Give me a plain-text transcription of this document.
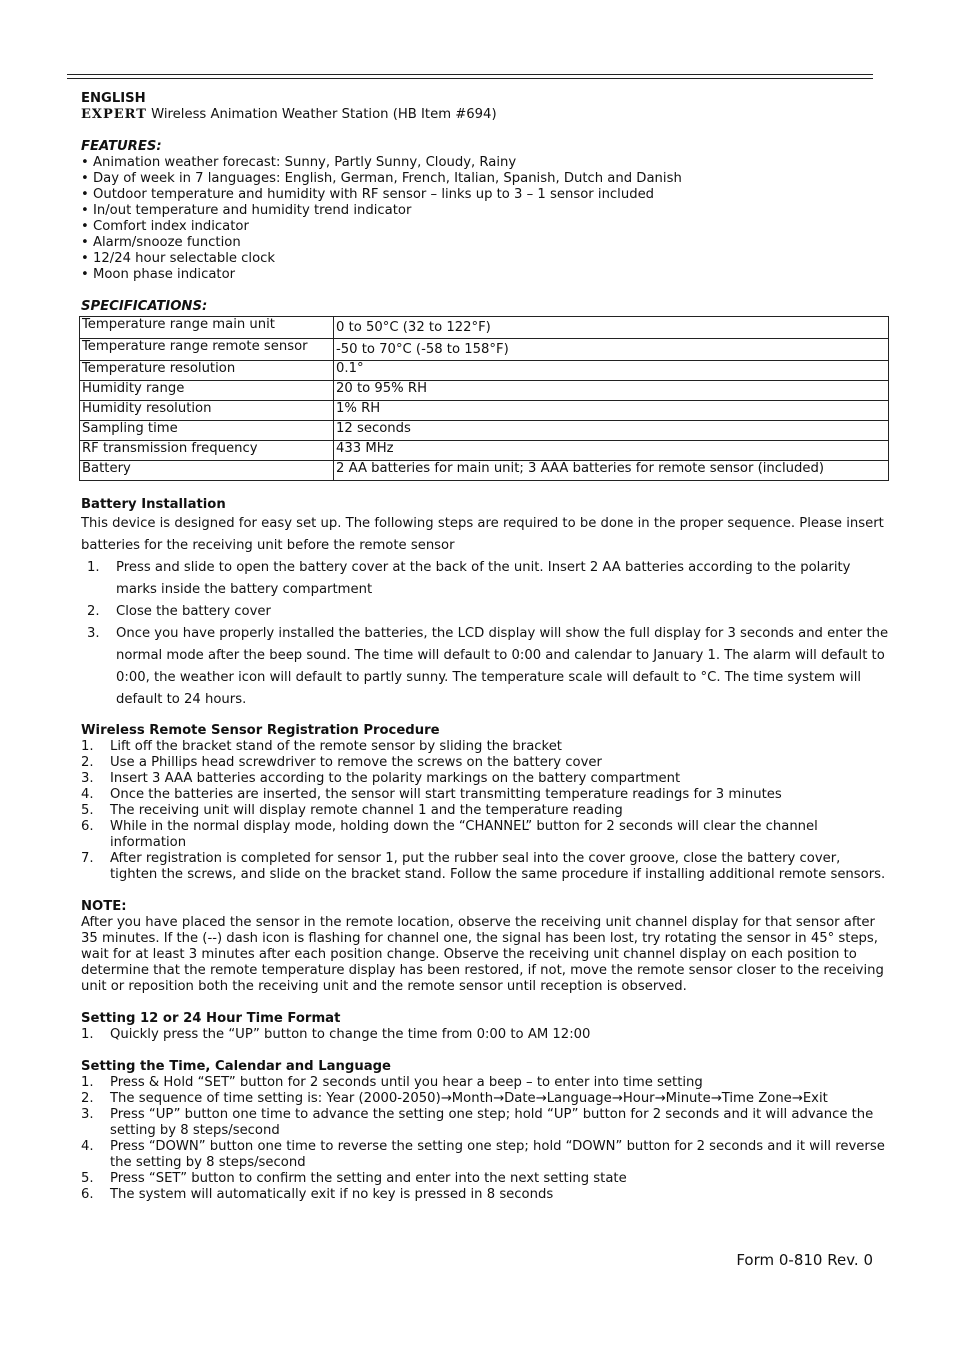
ENGLISH
EXPERT Wireless Animation Weather Station (HB Item #694)
FEATURES:
• Animation weather forecast: Sunny, Partly Sunny, Cloudy, Rainy
• Day of week in 7 languages: English, German, French, Italian, Spanish, Dutch and Danish
• Outdoor temperature and humidity with RF sensor – links up to 3 – 1 sensor included
• In/out temperature and humidity trend indicator
• Comfort index indicator
• Alarm/snooze function
• 12/24 hour selectable clock
• Moon phase indicator
SPECIFICATIONS:
Temperature range main unit	0 to 50°C (32 to 122°F)
Temperature range remote sensor	-50 to 70°C (-58 to 158°F)
Temperature resolution	0.1°
Humidity range	20 to 95% RH
Humidity resolution	1% RH
Sampling time	12 seconds
RF transmission frequency	433 MHz
Battery	2 AA batteries for main unit; 3 AAA batteries for remote sensor (included)
Battery Installation
This device is designed for easy set up. The following steps are required to be done in the proper sequence. Please insert batteries for the receiving unit before the remote sensor
1. Press and slide to open the battery cover at the back of the unit. Insert 2 AA batteries according to the polarity marks inside the battery compartment
2. Close the battery cover
3. Once you have properly installed the batteries, the LCD display will show the full display for 3 seconds and enter the normal mode after the beep sound. The time will default to 0:00 and calendar to January 1. The alarm will default to 0:00, the weather icon will default to partly sunny. The temperature scale will default to °C. The time system will default to 24 hours.
Wireless Remote Sensor Registration Procedure
1. Lift off the bracket stand of the remote sensor by sliding the bracket
2. Use a Phillips head screwdriver to remove the screws on the battery cover
3. Insert 3 AAA batteries according to the polarity markings on the battery compartment
4. Once the batteries are inserted, the sensor will start transmitting temperature readings for 3 minutes
5. The receiving unit will display remote channel 1 and the temperature reading
6. While in the normal display mode, holding down the “CHANNEL” button for 2 seconds will clear the channel information
7. After registration is completed for sensor 1, put the rubber seal into the cover groove, close the battery cover, tighten the screws, and slide on the bracket stand. Follow the same procedure if installing additional remote sensors.
NOTE:
After you have placed the sensor in the remote location, observe the receiving unit channel display for that sensor after 35 minutes. If the (--) dash icon is flashing for channel one, the signal has been lost, try rotating the sensor in 45° steps, wait for at least 3 minutes after each position change. Observe the receiving unit channel display on each position to determine that the remote temperature display has been restored, if not, move the remote sensor closer to the receiving unit or reposition both the receiving unit and the remote sensor until reception is observed.
Setting 12 or 24 Hour Time Format
1. Quickly press the “UP” button to change the time from 0:00 to AM 12:00
Setting the Time, Calendar and Language
1. Press & Hold “SET” button for 2 seconds until you hear a beep – to enter into time setting
2. The sequence of time setting is: Year (2000-2050)→Month→Date→Language→Hour→Minute→Time Zone→Exit
3. Press “UP” button one time to advance the setting one step; hold “UP” button for 2 seconds and it will advance the setting by 8 steps/second
4. Press “DOWN” button one time to reverse the setting one step; hold “DOWN” button for 2 seconds and it will reverse the setting by 8 steps/second
5. Press “SET” button to confirm the setting and enter into the next setting state
6. The system will automatically exit if no key is pressed in 8 seconds
Form 0-810 Rev. 0
